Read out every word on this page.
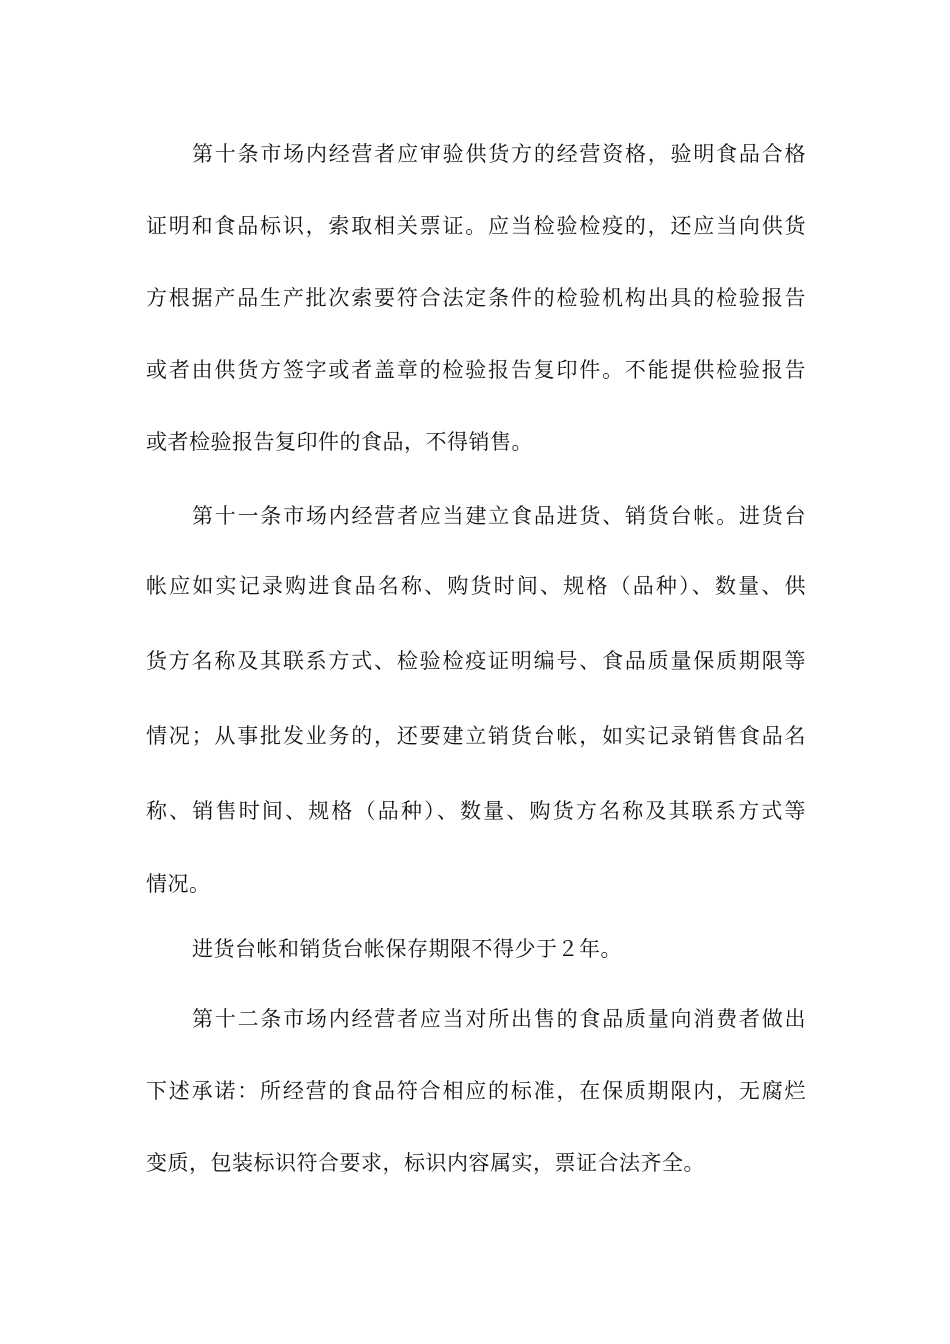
第十条市场内经营者应审验供货方的经营资格，验明食品合格
证明和食品标识，索取相关票证。应当检验检疫的，还应当向供货
方根据产品生产批次索要符合法定条件的检验机构出具的检验报告
或者由供货方签字或者盖章的检验报告复印件。不能提供检验报告
或者检验报告复印件的食品，不得销售。
第十一条市场内经营者应当建立食品进货、销货台帐。进货台
帐应如实记录购进食品名称、购货时间、规格（品种）、数量、供
货方名称及其联系方式、检验检疫证明编号、食品质量保质期限等
情况；从事批发业务的，还要建立销货台帐，如实记录销售食品名
称、销售时间、规格（品种）、数量、购货方名称及其联系方式等
情况。
进货台帐和销货台帐保存期限不得少于２年。
第十二条市场内经营者应当对所出售的食品质量向消费者做出
下述承诺：所经营的食品符合相应的标准，在保质期限内，无腐烂
变质，包装标识符合要求，标识内容属实，票证合法齐全。
